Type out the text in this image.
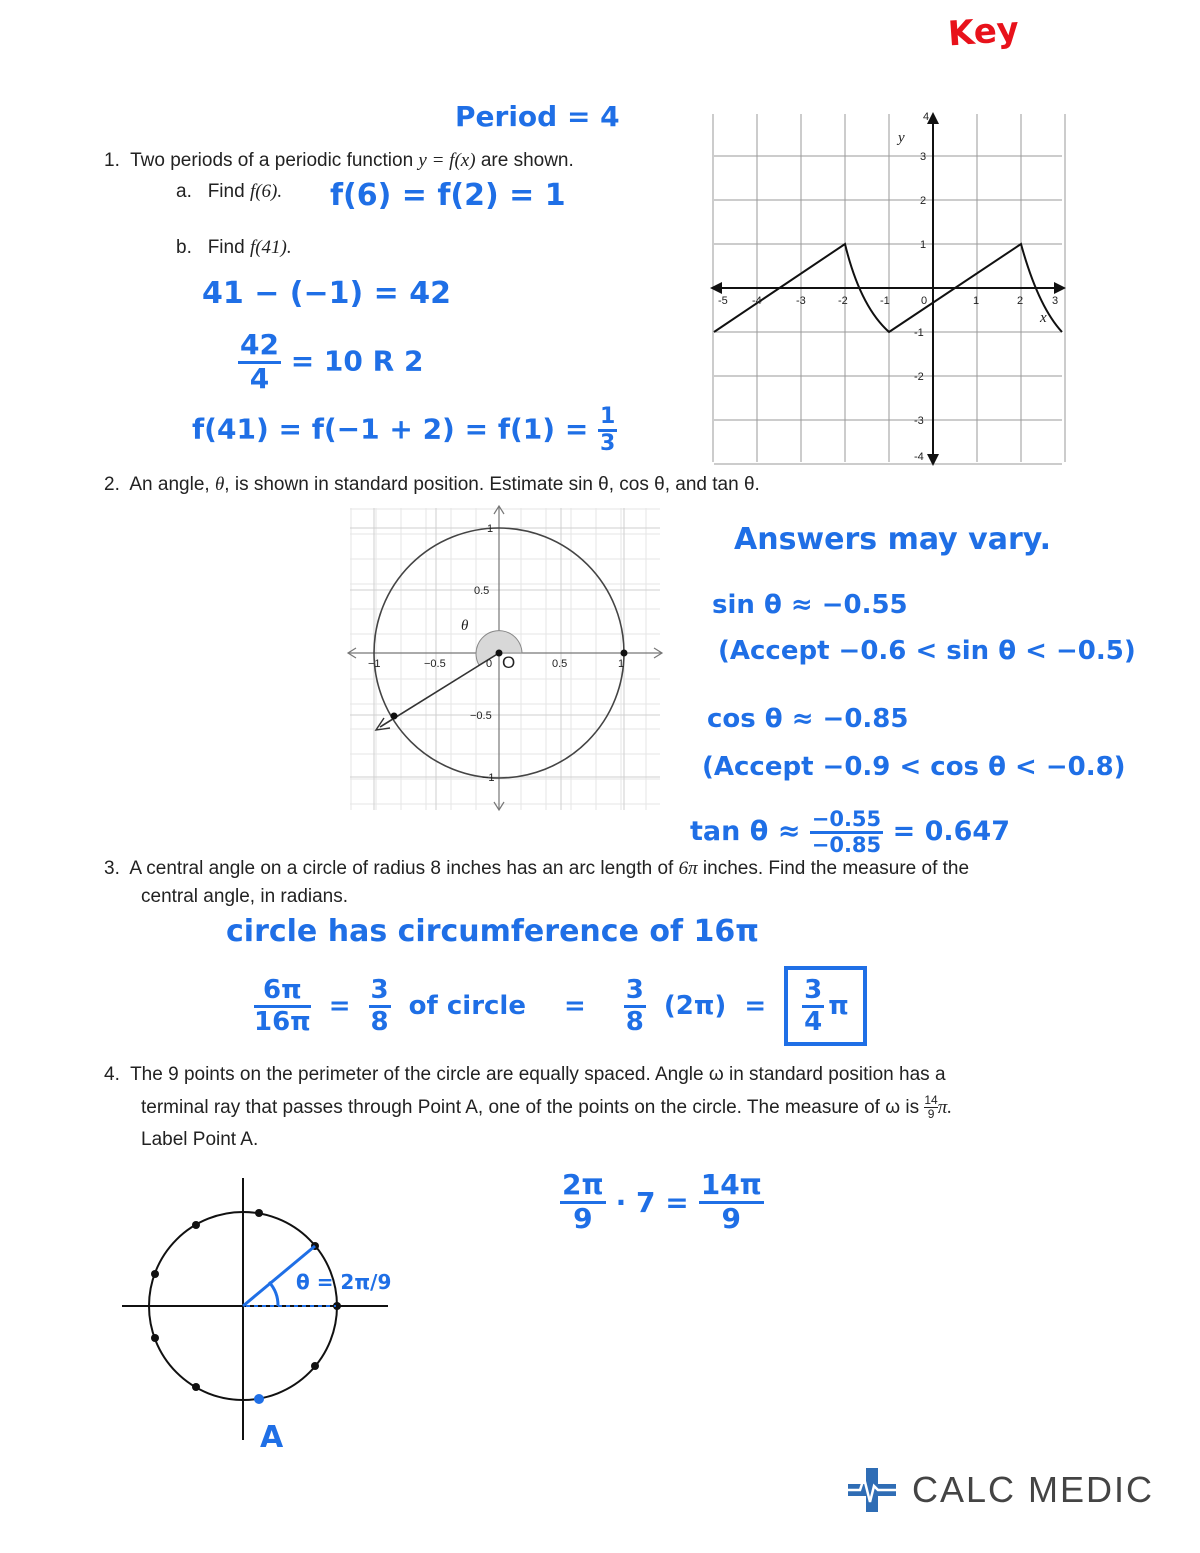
Key
Period = 4
1. Two periods of a periodic function y = f(x) are shown.
a. Find f(6). f(6) = f(2) = 1
b. Find f(41).
41 − (−1) = 42
$\frac{42}{4} = 10$ R 2
$f(41) = f(-1 + 2) = f(1) = \frac{1}{3}$
-5 -4	-3	-2	-1	0	1	2	3
4
3
2
1
-1
-2
-3
-4
y
x
2. An angle, θ, is shown in standard position. Estimate sin θ, cos θ, and tan θ.
θ
O
−1	−0.5	0	0.5	1
1
0.5
−0.5
−1
Answers may vary.
sin θ ≈ −0.55
(Accept −0.6 < sin θ < −0.5)
cos θ ≈ −0.85
(Accept −0.9 < cos θ < −0.8)
$\tan \theta \approx \frac{-0.55}{-0.85} = 0.647$
3. A central angle on a circle of radius 8 inches has an arc length of 6π inches. Find the measure of the
central angle, in radians.
circle has circumference of 16π
$\frac{6\pi}{16\pi} = \frac{3}{8}$ of circle = $\frac{3}{8} (2\pi) = \frac{3}{4}$ π
4. The 9 points on the perimeter of the circle are equally spaced. Angle ω in standard position has a
terminal ray that passes through Point A, one of the points on the circle. The measure of ω is $\frac{14}{9} \pi$.
Label Point A.
$\frac{2\pi}{9} \cdot 7 = \frac{14\pi}{9}$
θ = 2π/9
A
CALC MEDIC
